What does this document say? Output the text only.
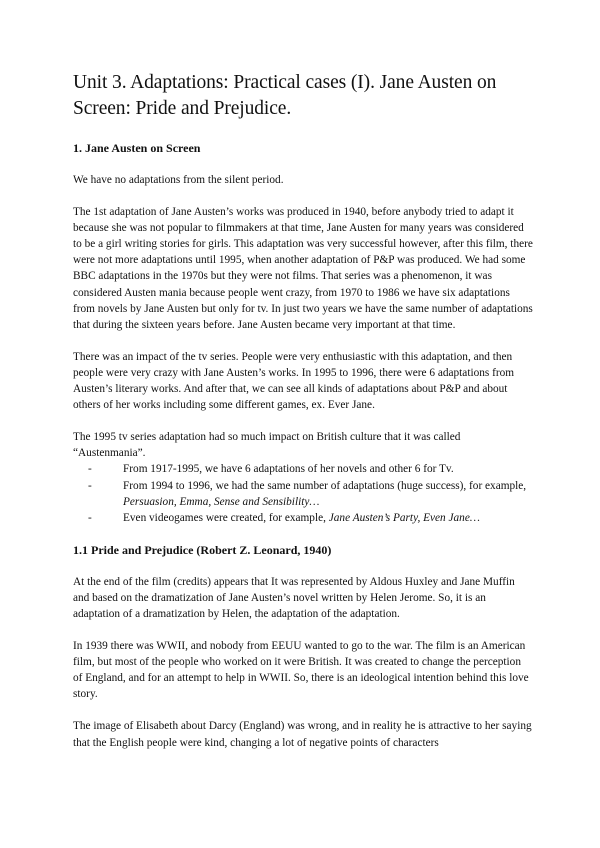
Unit 3. Adaptations: Practical cases (I). Jane Austen on Screen: Pride and Prejudice.
1. Jane Austen on Screen

We have no adaptations from the silent period.

The 1st adaptation of Jane Austen’s works was produced in 1940, before anybody tried to adapt it because she was not popular to filmmakers at that time, Jane Austen for many years was considered to be a girl writing stories for girls. This adaptation was very successful however, after this film, there were not more adaptations until 1995, when another adaptation of P&P was produced. We had some BBC adaptations in the 1970s but they were not films. That series was a phenomenon, it was considered Austen mania because people went crazy, from 1970 to 1986 we have six adaptations from novels by Jane Austen but only for tv. In just two years we have the same number of adaptations that during the sixteen years before. Jane Austen became very important at that time.

There was an impact of the tv series. People were very enthusiastic with this adaptation, and then people were very crazy with Jane Austen’s works. In 1995 to 1996, there were 6 adaptations from Austen’s literary works. And after that, we can see all kinds of adaptations about P&P and about others of her works including some different games, ex. Ever Jane.

The 1995 tv series adaptation had so much impact on British culture that it was called “Austenmania”.

-	From 1917-1995, we have 6 adaptations of her novels and other 6 for Tv.
-	From 1994 to 1996, we had the same number of adaptations (huge success), for example, Persuasion, Emma, Sense and Sensibility…
-	Even videogames were created, for example, Jane Austen’s Party, Even Jane…
1.1 Pride and Prejudice (Robert Z. Leonard, 1940)

At the end of the film (credits) appears that It was represented by Aldous Huxley and Jane Muffin and based on the dramatization of Jane Austen’s novel written by Helen Jerome. So, it is an adaptation of a dramatization by Helen, the adaptation of the adaptation.

In 1939 there was WWII, and nobody from EEUU wanted to go to the war. The film is an American film, but most of the people who worked on it were British. It was created to change the perception of England, and for an attempt to help in WWII. So, there is an ideological intention behind this love story.

The image of Elisabeth about Darcy (England) was wrong, and in reality he is attractive to her saying that the English people were kind, changing a lot of negative points of characters
